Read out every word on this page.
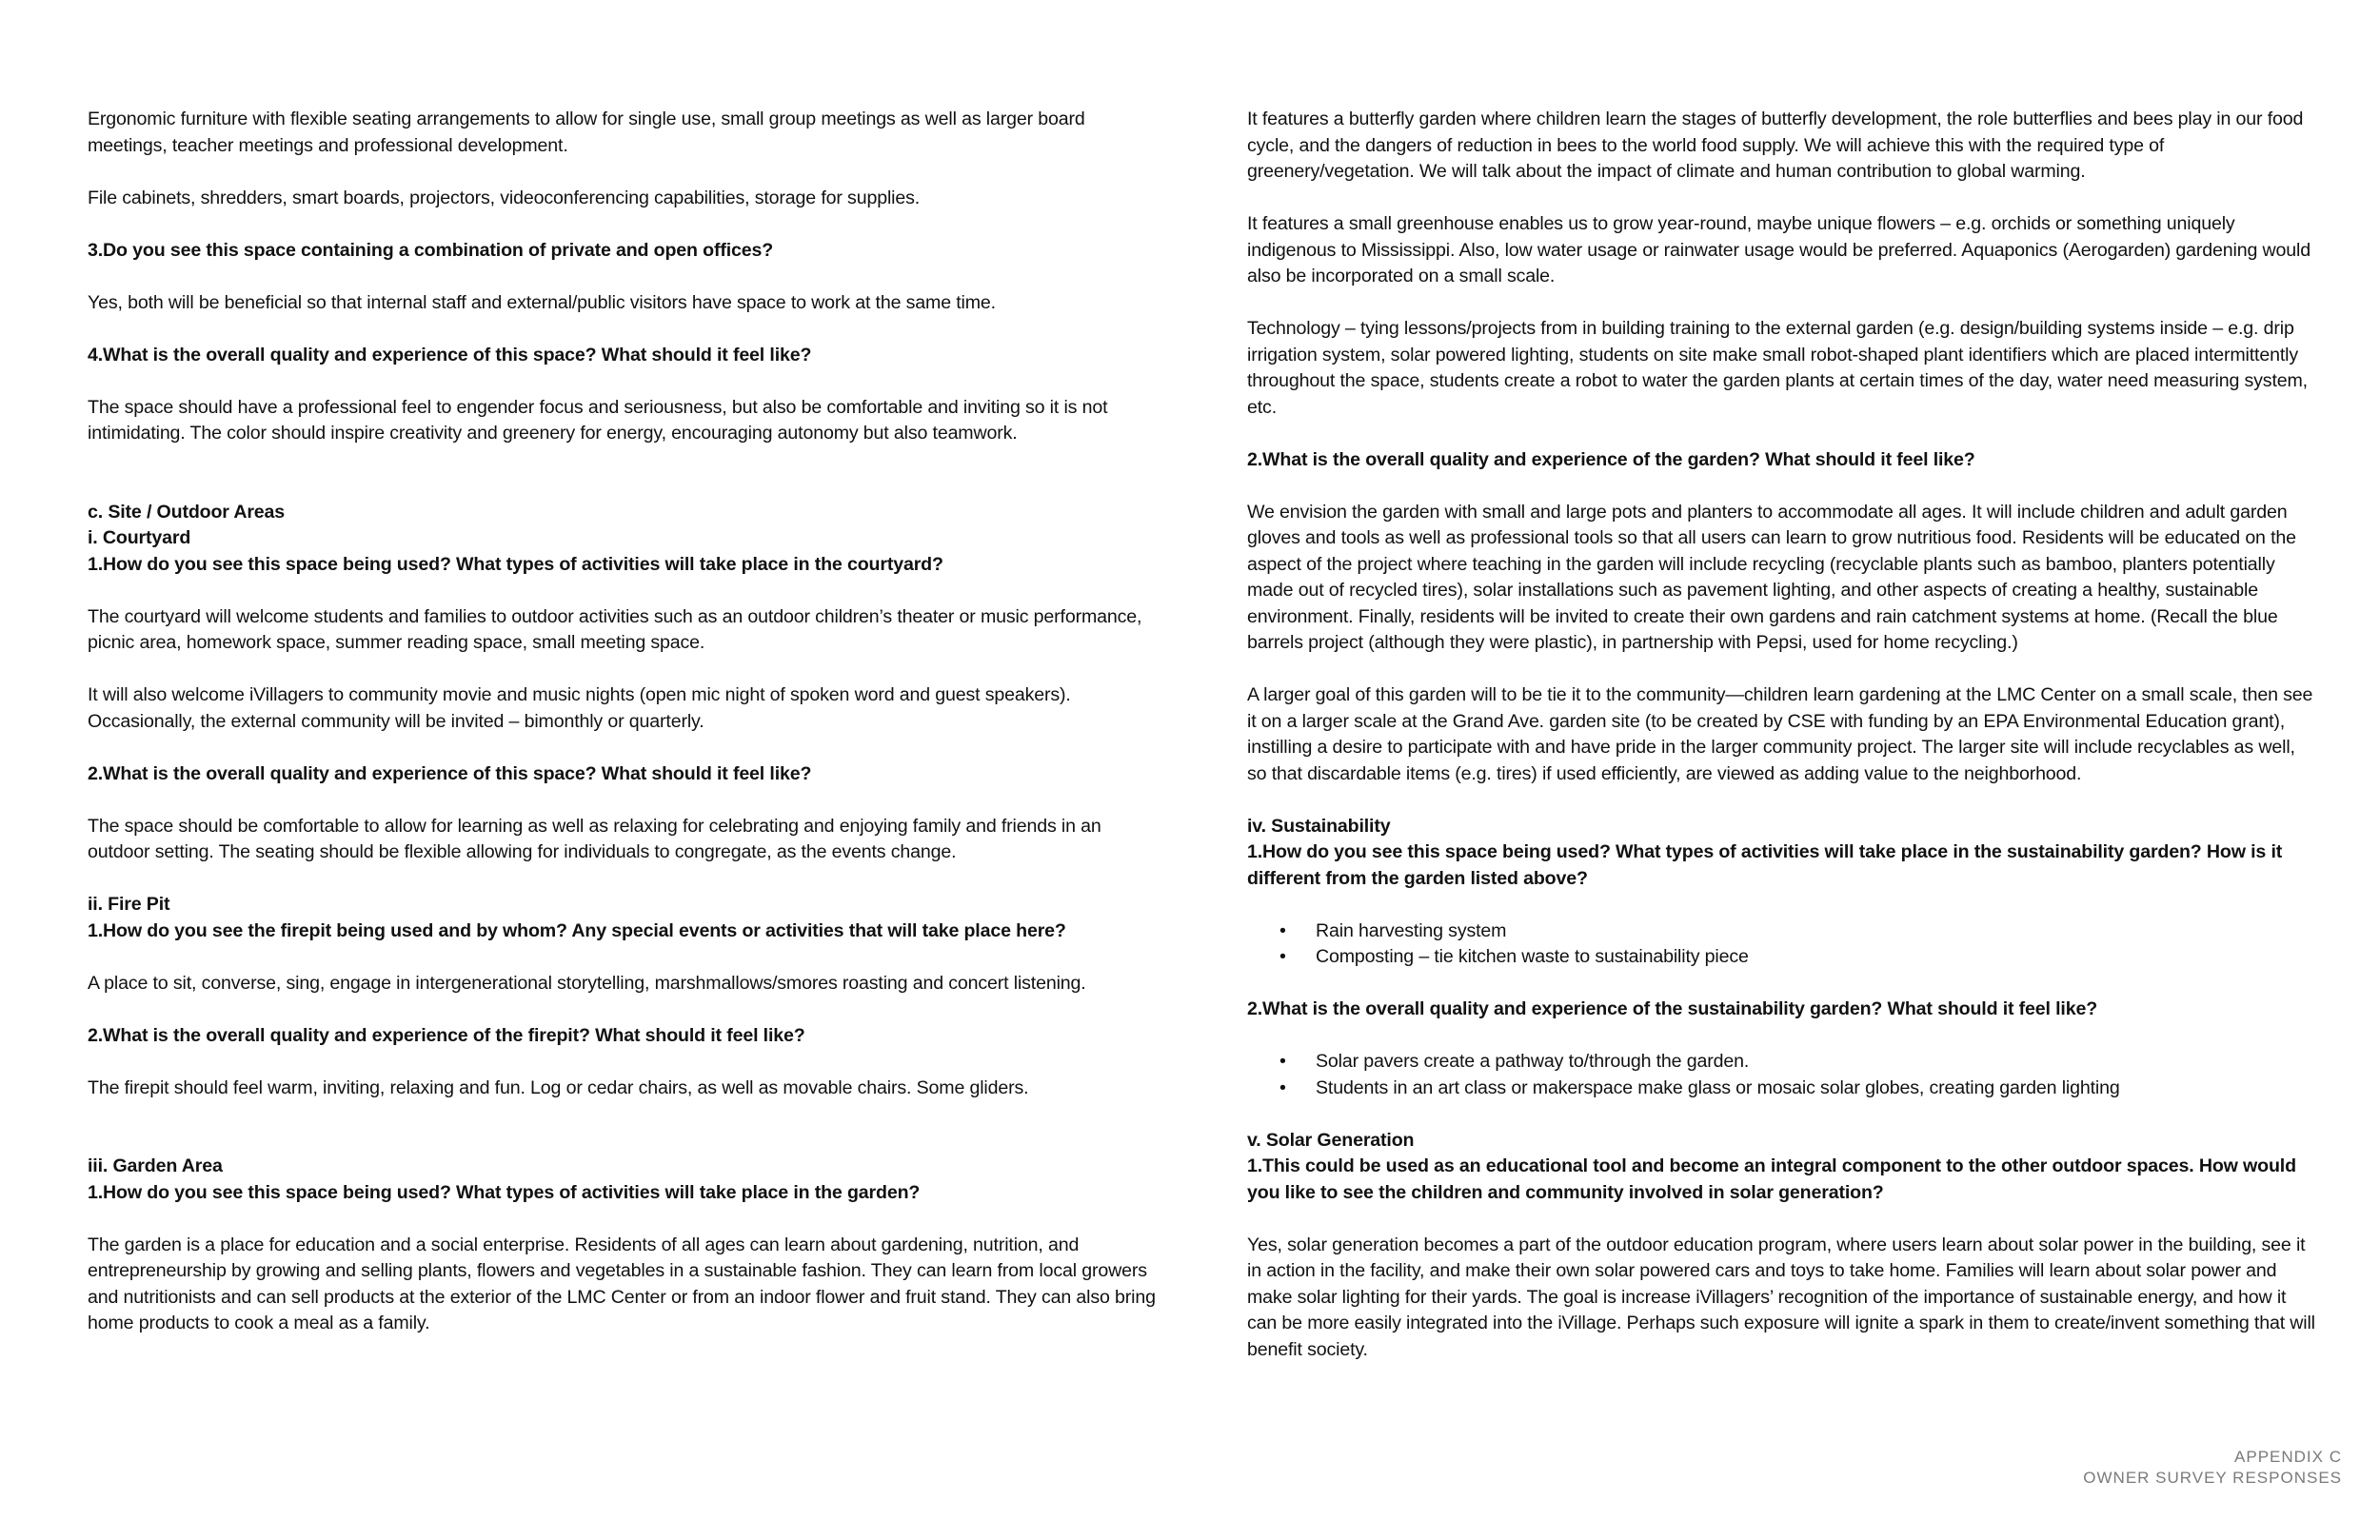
Ergonomic furniture with flexible seating arrangements to allow for single use, small group meetings as well as larger board meetings, teacher meetings and professional development.
File cabinets, shredders, smart boards, projectors, videoconferencing capabilities, storage for supplies.
3.Do you see this space containing a combination of private and open offices?
Yes, both will be beneficial so that internal staff and external/public visitors have space to work at the same time.
4.What is the overall quality and experience of this space? What should it feel like?
The space should have a professional feel to engender focus and seriousness, but also be comfortable and inviting so it is not intimidating. The color should inspire creativity and greenery for energy, encouraging autonomy but also teamwork.
c. Site / Outdoor Areas
i. Courtyard
1.How do you see this space being used? What types of activities will take place in the courtyard?
The courtyard will welcome students and families to outdoor activities such as an outdoor children’s theater or music performance, picnic area, homework space, summer reading space, small meeting space.
It will also welcome iVillagers to community movie and music nights (open mic night of spoken word and guest speakers). Occasionally, the external community will be invited – bimonthly or quarterly.
2.What is the overall quality and experience of this space? What should it feel like?
The space should be comfortable to allow for learning as well as relaxing for celebrating and enjoying family and friends in an outdoor setting. The seating should be flexible allowing for individuals to congregate, as the events change.
ii. Fire Pit
1.How do you see the firepit being used and by whom? Any special events or activities that will take place here?
A place to sit, converse, sing, engage in intergenerational storytelling, marshmallows/smores roasting and concert listening.
2.What is the overall quality and experience of the firepit? What should it feel like?
The firepit should feel warm, inviting, relaxing and fun. Log or cedar chairs, as well as movable chairs. Some gliders.
iii. Garden Area
1.How do you see this space being used? What types of activities will take place in the garden?
The garden is a place for education and a social enterprise. Residents of all ages can learn about gardening, nutrition, and entrepreneurship by growing and selling plants, flowers and vegetables in a sustainable fashion. They can learn from local growers and nutritionists and can sell products at the exterior of the LMC Center or from an indoor flower and fruit stand. They can also bring home products to cook a meal as a family.
It features a butterfly garden where children learn the stages of butterfly development, the role butterflies and bees play in our food cycle, and the dangers of reduction in bees to the world food supply. We will achieve this with the required type of greenery/vegetation. We will talk about the impact of climate and human contribution to global warming.
It features a small greenhouse enables us to grow year-round, maybe unique flowers – e.g. orchids or something uniquely indigenous to Mississippi. Also, low water usage or rainwater usage would be preferred. Aquaponics (Aerogarden) gardening would also be incorporated on a small scale.
Technology – tying lessons/projects from in building training to the external garden (e.g. design/building systems inside – e.g. drip irrigation system, solar powered lighting, students on site make small robot-shaped plant identifiers which are placed intermittently throughout the space, students create a robot to water the garden plants at certain times of the day, water need measuring system, etc.
2.What is the overall quality and experience of the garden? What should it feel like?
We envision the garden with small and large pots and planters to accommodate all ages. It will include children and adult garden gloves and tools as well as professional tools so that all users can learn to grow nutritious food. Residents will be educated on the aspect of the project where teaching in the garden will include recycling (recyclable plants such as bamboo, planters potentially made out of recycled tires), solar installations such as pavement lighting, and other aspects of creating a healthy, sustainable environment. Finally, residents will be invited to create their own gardens and rain catchment systems at home. (Recall the blue barrels project (although they were plastic), in partnership with Pepsi, used for home recycling.)
A larger goal of this garden will to be tie it to the community—children learn gardening at the LMC Center on a small scale, then see it on a larger scale at the Grand Ave. garden site (to be created by CSE with funding by an EPA Environmental Education grant), instilling a desire to participate with and have pride in the larger community project. The larger site will include recyclables as well, so that discardable items (e.g. tires) if used efficiently, are viewed as adding value to the neighborhood.
iv. Sustainability
1.How do you see this space being used? What types of activities will take place in the sustainability garden? How is it different from the garden listed above?
• Rain harvesting system
• Composting – tie kitchen waste to sustainability piece
2.What is the overall quality and experience of the sustainability garden? What should it feel like?
• Solar pavers create a pathway to/through the garden.
• Students in an art class or makerspace make glass or mosaic solar globes, creating garden lighting
v. Solar Generation
1.This could be used as an educational tool and become an integral component to the other outdoor spaces. How would you like to see the children and community involved in solar generation?
Yes, solar generation becomes a part of the outdoor education program, where users learn about solar power in the building, see it in action in the facility, and make their own solar powered cars and toys to take home. Families will learn about solar power and make solar lighting for their yards. The goal is increase iVillagers’ recognition of the importance of sustainable energy, and how it can be more easily integrated into the iVillage. Perhaps such exposure will ignite a spark in them to create/invent something that will benefit society.
APPENDIX C
OWNER SURVEY RESPONSES
